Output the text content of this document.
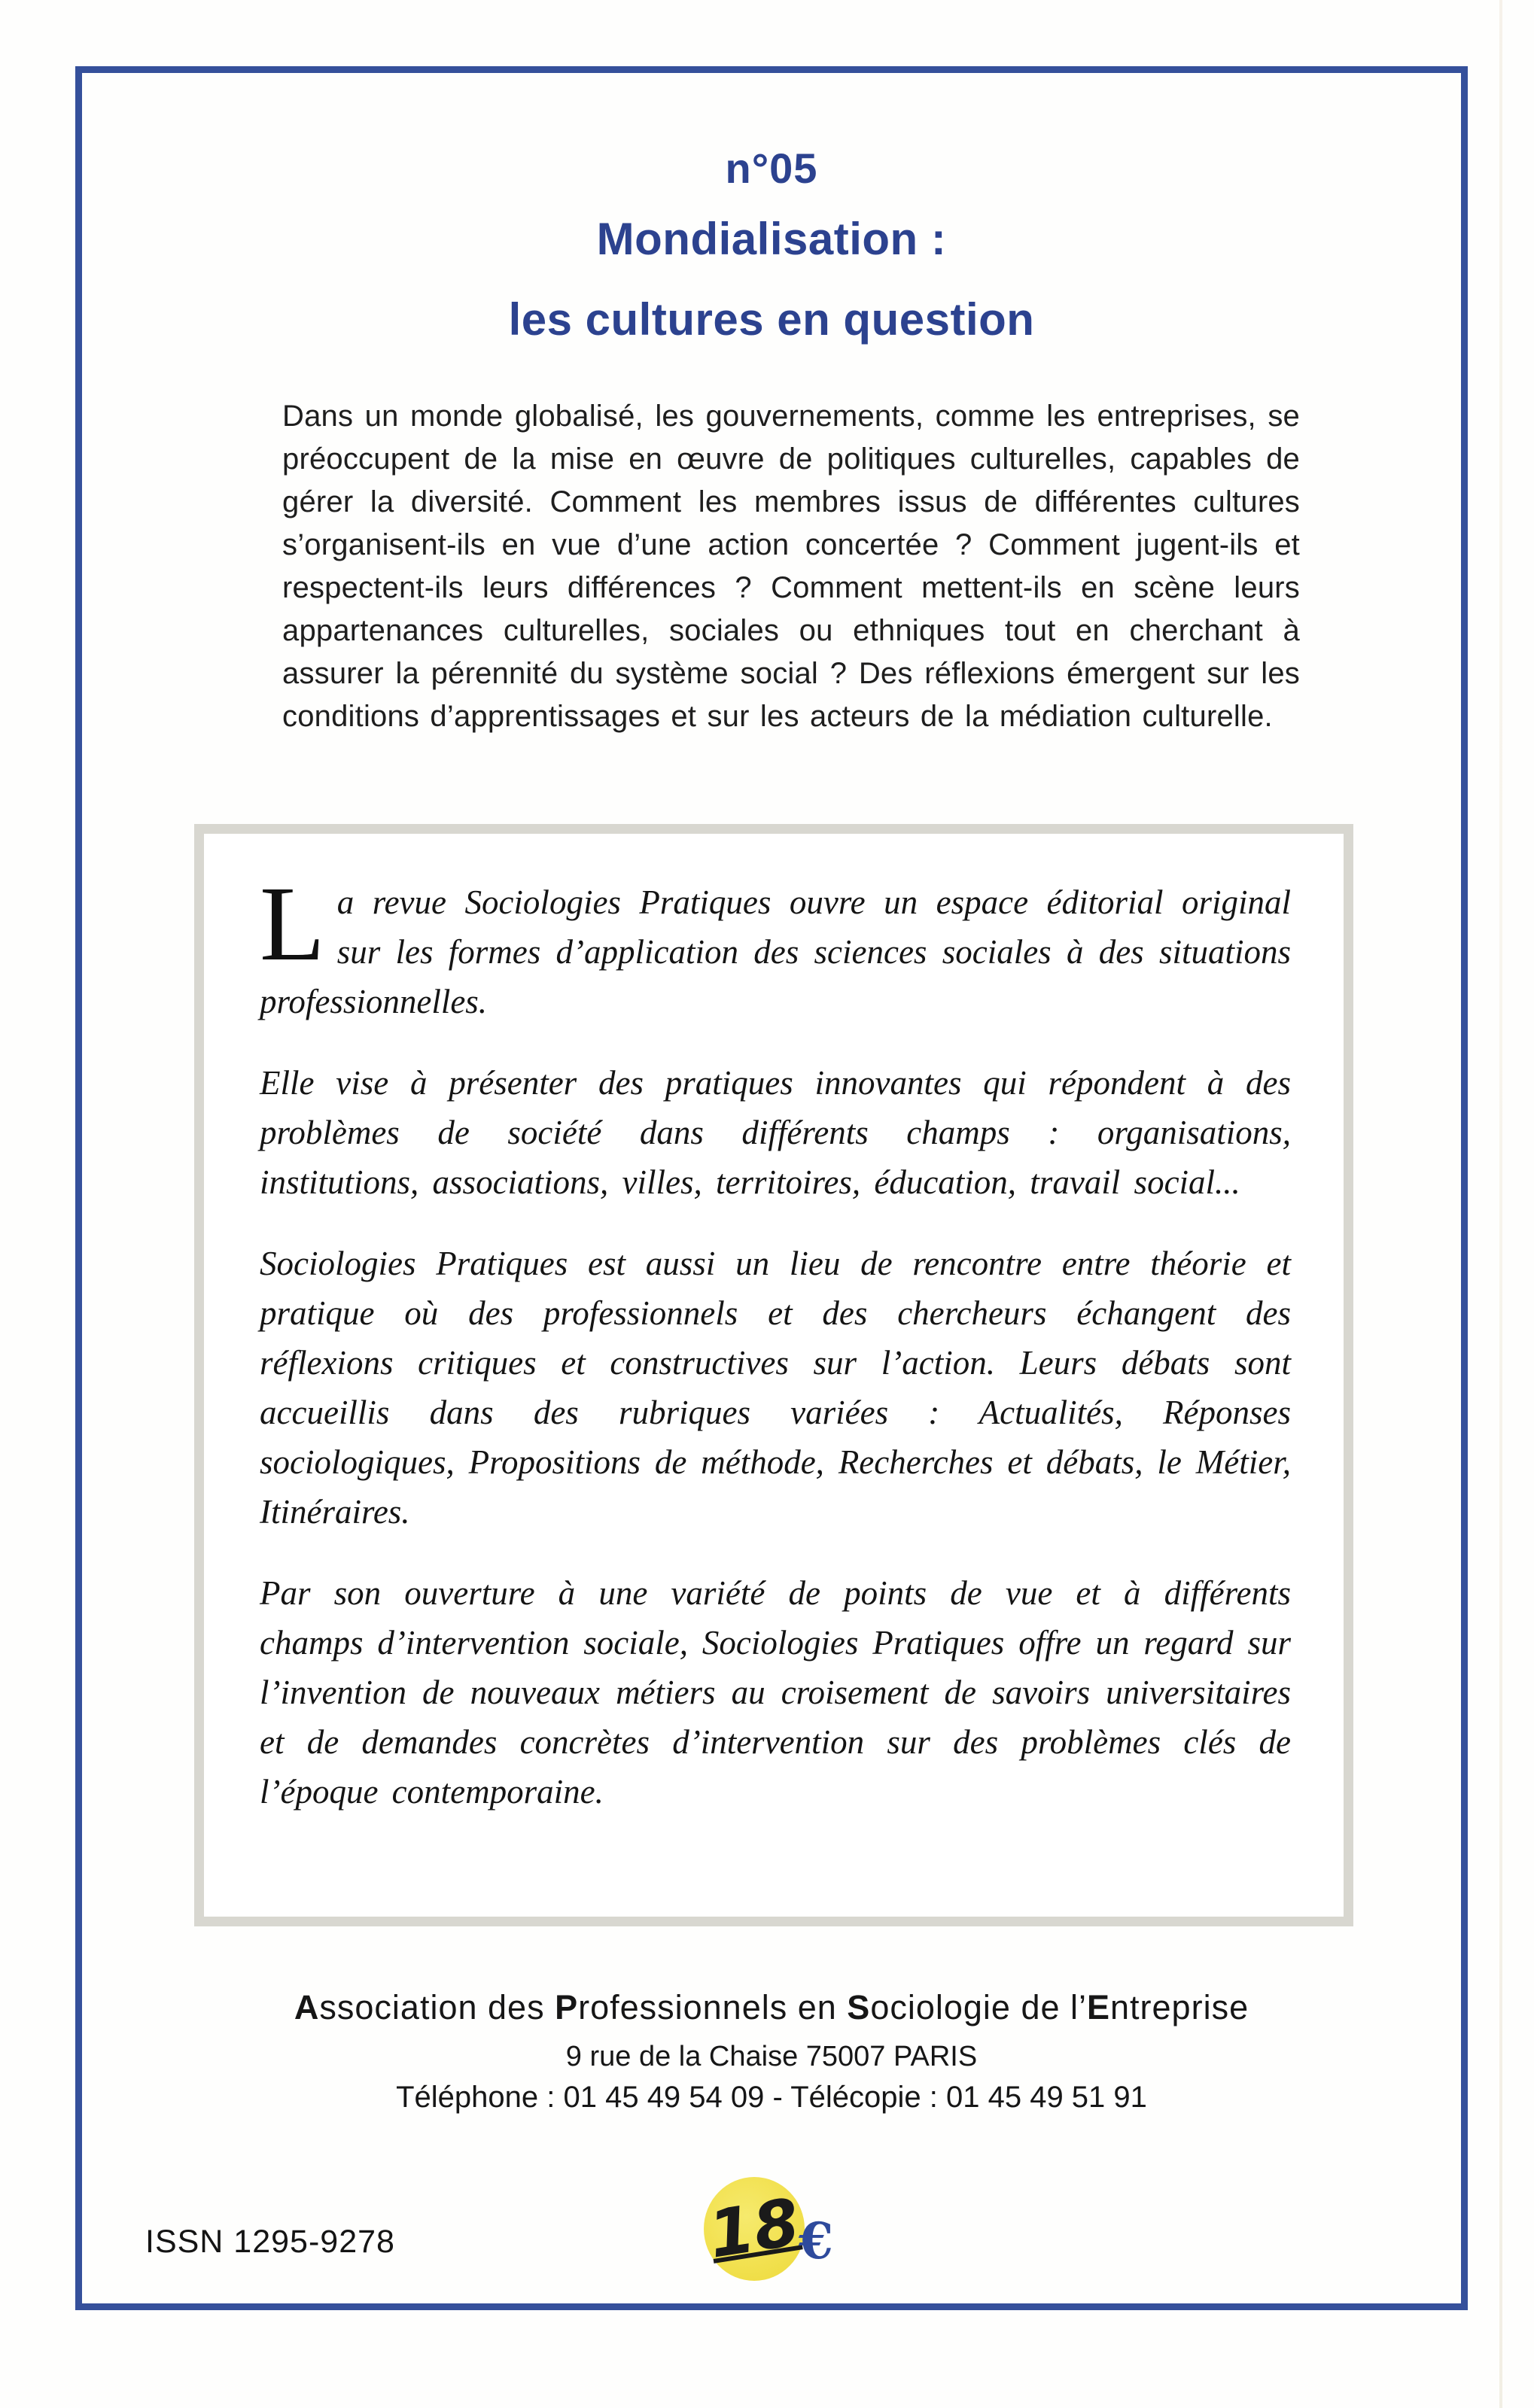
n°05
Mondialisation :
les cultures en question

Dans un monde globalisé, les gouvernements, comme les entreprises, se préoccupent de la mise en œuvre de politiques culturelles, capables de gérer la diversité. Comment les membres issus de différentes cultures s’organisent-ils en vue d’une action concertée ? Comment jugent-ils et respectent-ils leurs différences ? Comment mettent-ils en scène leurs appartenances culturelles, sociales ou ethniques tout en cherchant à assurer la pérennité du système social ? Des réflexions émergent sur les conditions d’apprentissages et sur les acteurs de la médiation culturelle.

La revue Sociologies Pratiques ouvre un espace éditorial original sur les formes d’application des sciences sociales à des situations professionnelles.

Elle vise à présenter des pratiques innovantes qui répondent à des problèmes de société dans différents champs : organisations, institutions, associations, villes, territoires, éducation, travail social...

Sociologies Pratiques est aussi un lieu de rencontre entre théorie et pratique où des professionnels et des chercheurs échangent des réflexions critiques et constructives sur l’action. Leurs débats sont accueillis dans des rubriques variées : Actualités, Réponses sociologiques, Propositions de méthode, Recherches et débats, le Métier, Itinéraires.

Par son ouverture à une variété de points de vue et à différents champs d’intervention sociale, Sociologies Pratiques offre un regard sur l’invention de nouveaux métiers au croisement de savoirs universitaires et de demandes concrètes d’intervention sur des problèmes clés de l’époque contemporaine.

Association des Professionnels en Sociologie de l’Entreprise
9 rue de la Chaise 75007 PARIS
Téléphone : 01 45 49 54 09 - Télécopie : 01 45 49 51 91
ISSN 1295-9278	18
€
